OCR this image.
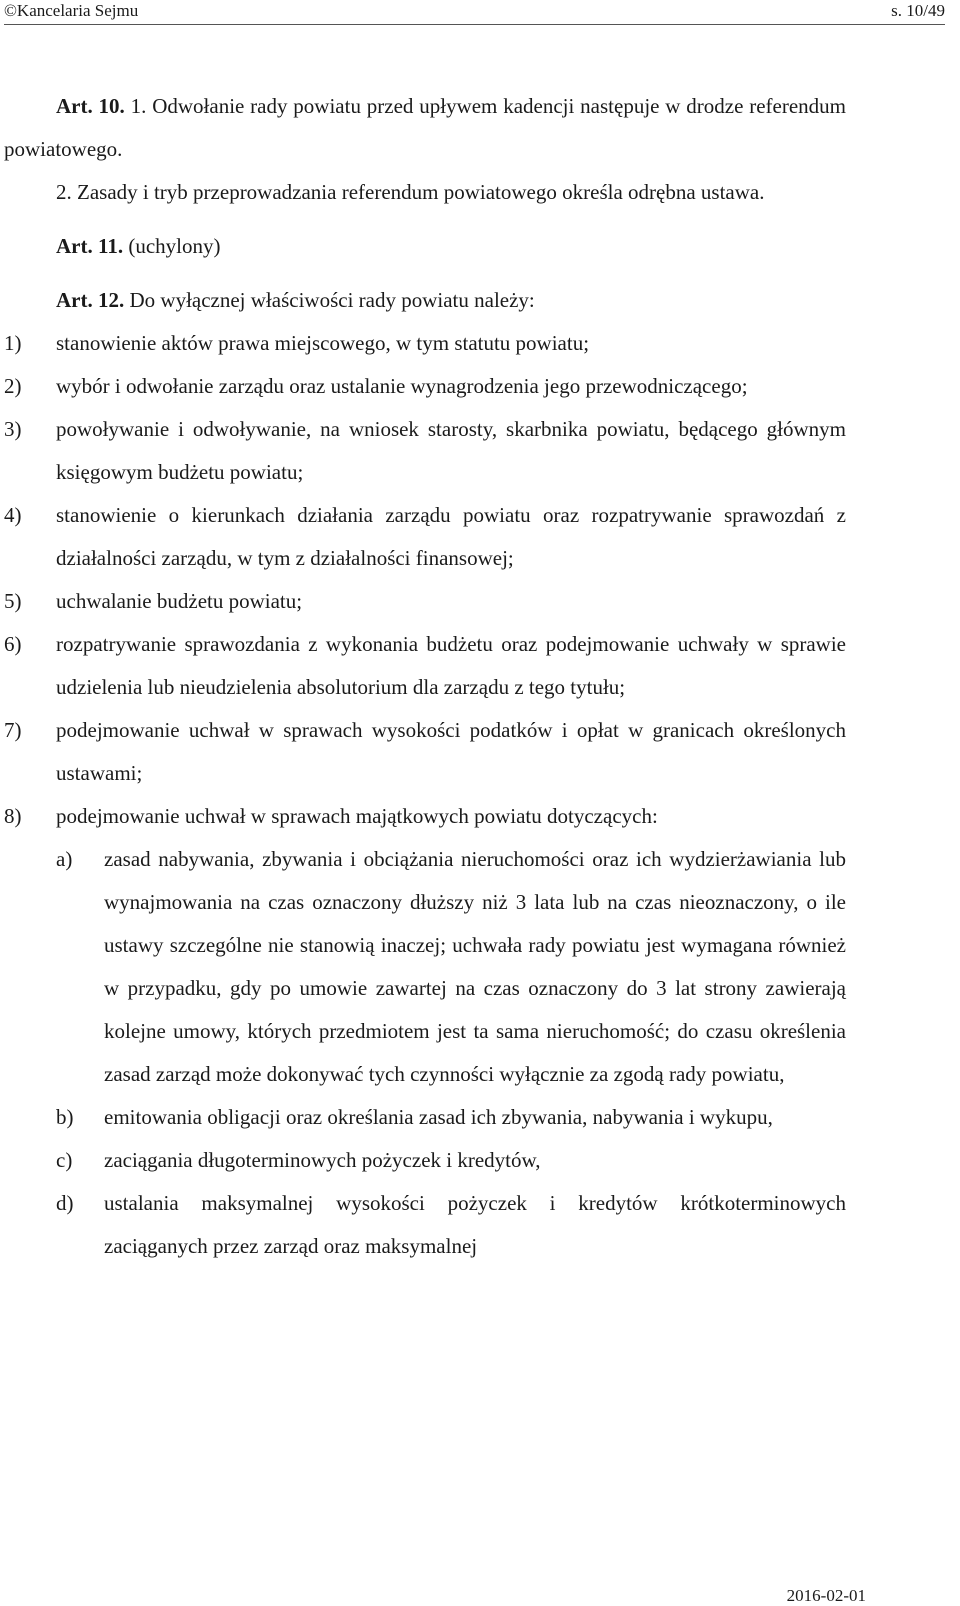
©Kancelaria Sejmu	s. 10/49

Art. 10. 1. Odwołanie rady powiatu przed upływem kadencji następuje w drodze referendum powiatowego.

2. Zasady i tryb przeprowadzania referendum powiatowego określa odrębna ustawa.

Art. 11. (uchylony)

Art. 12. Do wyłącznej właściwości rady powiatu należy:

1) stanowienie aktów prawa miejscowego, w tym statutu powiatu;
2) wybór i odwołanie zarządu oraz ustalanie wynagrodzenia jego przewodniczącego;
3) powoływanie i odwoływanie, na wniosek starosty, skarbnika powiatu, będącego głównym księgowym budżetu powiatu;
4) stanowienie o kierunkach działania zarządu powiatu oraz rozpatrywanie sprawozdań z działalności zarządu, w tym z działalności finansowej;
5) uchwalanie budżetu powiatu;
6) rozpatrywanie sprawozdania z wykonania budżetu oraz podejmowanie uchwały w sprawie udzielenia lub nieudzielenia absolutorium dla zarządu z tego tytułu;
7) podejmowanie uchwał w sprawach wysokości podatków i opłat w granicach określonych ustawami;
8) podejmowanie uchwał w sprawach majątkowych powiatu dotyczących:
a) zasad nabywania, zbywania i obciążania nieruchomości oraz ich wydzierżawiania lub wynajmowania na czas oznaczony dłuższy niż 3 lata lub na czas nieoznaczony, o ile ustawy szczególne nie stanowią inaczej; uchwała rady powiatu jest wymagana również w przypadku, gdy po umowie zawartej na czas oznaczony do 3 lat strony zawierają kolejne umowy, których przedmiotem jest ta sama nieruchomość; do czasu określenia zasad zarząd może dokonywać tych czynności wyłącznie za zgodą rady powiatu,
b) emitowania obligacji oraz określania zasad ich zbywania, nabywania i wykupu,
c) zaciągania długoterminowych pożyczek i kredytów,
d) ustalania maksymalnej wysokości pożyczek i kredytów krótkoterminowych zaciąganych przez zarząd oraz maksymalnej
2016-02-01
